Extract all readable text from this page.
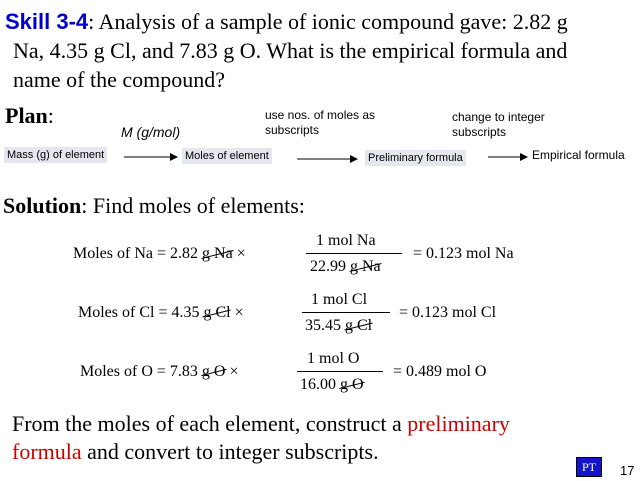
Skill 3-4: Analysis of a sample of ionic compound gave: 2.82 g
Na, 4.35 g Cl, and 7.83 g O. What is the empirical formula and
name of the compound?
Plan:	use nos. of moles as
subscripts
change to integer
subscripts
M (g/mol)
Mass (g) of element	Moles of element	Preliminary formula	Empirical formula
Solution: Find moles of elements:
Moles of Na = 2.82 g Na ×
1 mol Na
22.99 g Na
= 0.123 mol Na
Moles of Cl = 4.35 g Cl ×
1 mol Cl
35.45 g Cl
= 0.123 mol Cl
Moles of O = 7.83 g O ×
1 mol O
16.00 g O
= 0.489 mol O
From the moles of each element, construct a preliminary
formula and convert to integer subscripts.
PT	17
